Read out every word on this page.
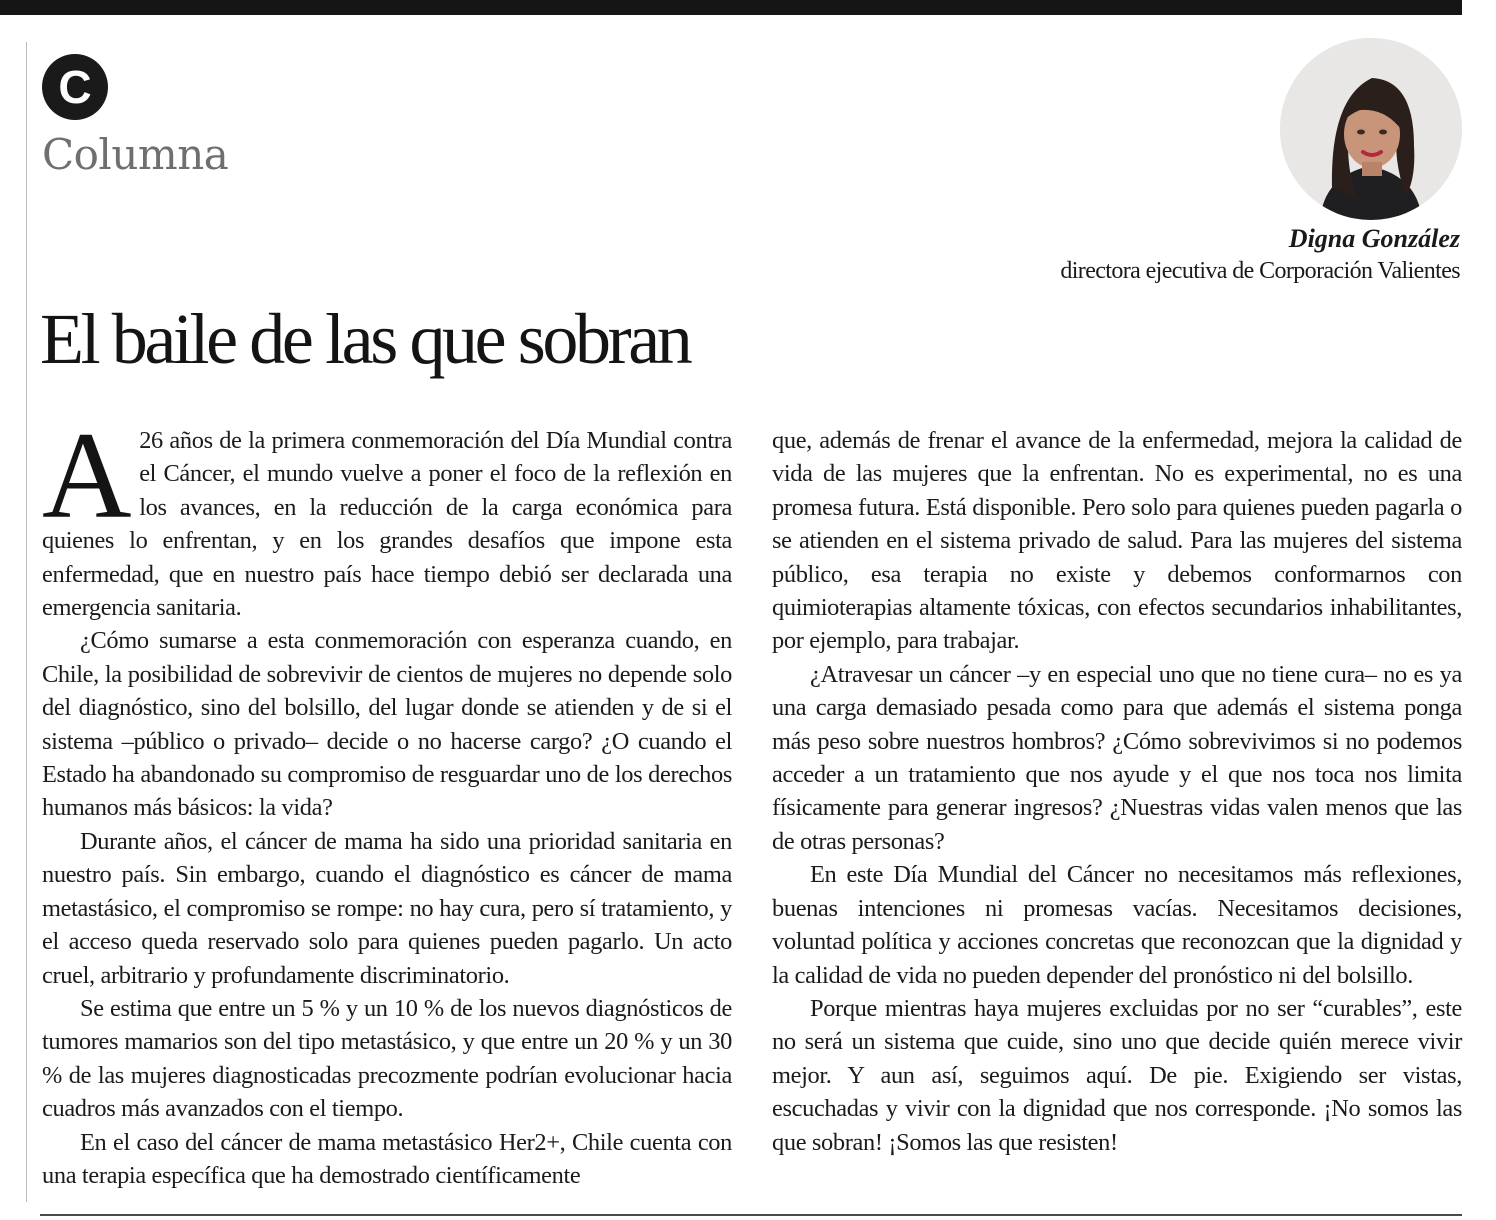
C
Columna
Digna González
directora ejecutiva de Corporación Valientes
El baile de las que sobran

A 26 años de la primera conmemoración del Día Mundial contra el Cáncer, el mundo vuelve a poner el foco de la reflexión en los avances, en la reducción de la carga económica para quienes lo enfrentan, y en los grandes desafíos que impone esta enfermedad, que en nuestro país hace tiempo debió ser declarada una emergencia sanitaria.

¿Cómo sumarse a esta conmemoración con esperanza cuando, en Chile, la posibilidad de sobrevivir de cientos de mujeres no depende solo del diagnóstico, sino del bolsillo, del lugar donde se atienden y de si el sistema –público o privado– decide o no hacerse cargo? ¿O cuando el Estado ha abandonado su compromiso de resguardar uno de los derechos humanos más básicos: la vida?

Durante años, el cáncer de mama ha sido una prioridad sanitaria en nuestro país. Sin embargo, cuando el diagnóstico es cáncer de mama metastásico, el compromiso se rompe: no hay cura, pero sí tratamiento, y el acceso queda reservado solo para quienes pueden pagarlo. Un acto cruel, arbitrario y profundamente discriminatorio.

Se estima que entre un 5 % y un 10 % de los nuevos diagnósticos de tumores mamarios son del tipo metastásico, y que entre un 20 % y un 30 % de las mujeres diagnosticadas precozmente podrían evolucionar hacia cuadros más avanzados con el tiempo.

En el caso del cáncer de mama metastásico Her2+, Chile cuenta con una terapia específica que ha demostrado científicamente

que, además de frenar el avance de la enfermedad, mejora la calidad de vida de las mujeres que la enfrentan. No es experimental, no es una promesa futura. Está disponible. Pero solo para quienes pueden pagarla o se atienden en el sistema privado de salud. Para las mujeres del sistema público, esa terapia no existe y debemos conformarnos con quimioterapias altamente tóxicas, con efectos secundarios inhabilitantes, por ejemplo, para trabajar.

¿Atravesar un cáncer –y en especial uno que no tiene cura– no es ya una carga demasiado pesada como para que además el sistema ponga más peso sobre nuestros hombros? ¿Cómo sobrevivimos si no podemos acceder a un tratamiento que nos ayude y el que nos toca nos limita físicamente para generar ingresos? ¿Nuestras vidas valen menos que las de otras personas?

En este Día Mundial del Cáncer no necesitamos más reflexiones, buenas intenciones ni promesas vacías. Necesitamos decisiones, voluntad política y acciones concretas que reconozcan que la dignidad y la calidad de vida no pueden depender del pronóstico ni del bolsillo.

Porque mientras haya mujeres excluidas por no ser “curables”, este no será un sistema que cuide, sino uno que decide quién merece vivir mejor. Y aun así, seguimos aquí. De pie. Exigiendo ser vistas, escuchadas y vivir con la dignidad que nos corresponde. ¡No somos las que sobran! ¡Somos las que resisten!
